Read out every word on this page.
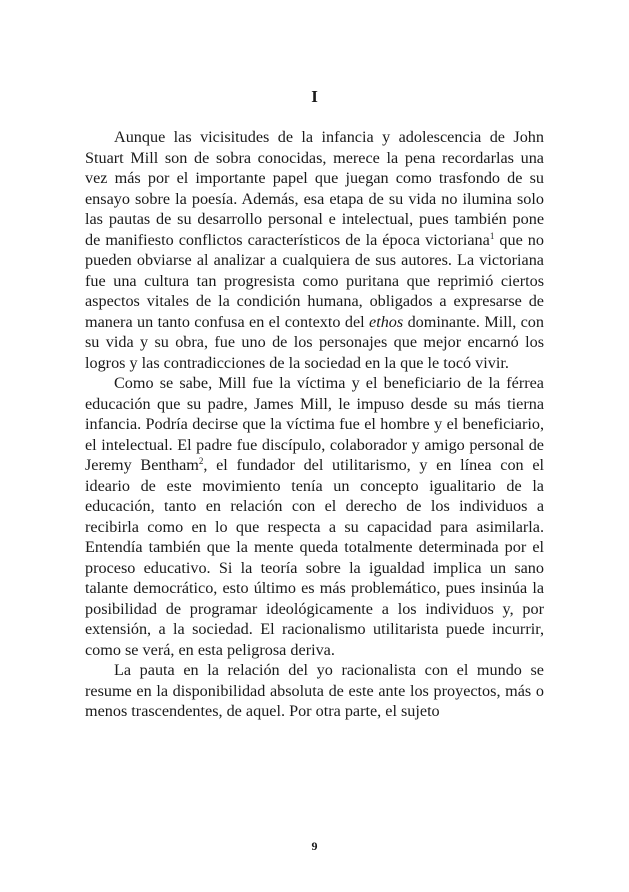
I

Aunque las vicisitudes de la infancia y adolescencia de John Stuart Mill son de sobra conocidas, merece la pena recordarlas una vez más por el importante papel que juegan como trasfondo de su ensayo sobre la poesía. Además, esa etapa de su vida no ilumina solo las pautas de su desarrollo personal e intelectual, pues también pone de manifiesto conflictos característicos de la época victoriana$^1$ que no pueden obviarse al analizar a cualquiera de sus autores. La victoriana fue una cultura tan progresista como puritana que reprimió ciertos aspectos vitales de la condición humana, obligados a expresarse de manera un tanto confusa en el contexto del ethos dominante. Mill, con su vida y su obra, fue uno de los personajes que mejor encarnó los logros y las contradicciones de la sociedad en la que le tocó vivir.

Como se sabe, Mill fue la víctima y el beneficiario de la férrea educación que su padre, James Mill, le impuso desde su más tierna infancia. Podría decirse que la víctima fue el hombre y el beneficiario, el intelectual. El padre fue discípulo, colaborador y amigo personal de Jeremy Bentham$^2$, el fundador del utilitarismo, y en línea con el ideario de este movimiento tenía un concepto igualitario de la educación, tanto en relación con el derecho de los individuos a recibirla como en lo que respecta a su capacidad para asimilarla. Entendía también que la mente queda totalmente determinada por el proceso educativo. Si la teoría sobre la igualdad implica un sano talante democrático, esto último es más problemático, pues insinúa la posibilidad de programar ideológicamente a los individuos y, por extensión, a la sociedad. El racionalismo utilitarista puede incurrir, como se verá, en esta peligrosa deriva.

La pauta en la relación del yo racionalista con el mundo se resume en la disponibilidad absoluta de este ante los proyectos, más o menos trascendentes, de aquel. Por otra parte, el sujeto

9
